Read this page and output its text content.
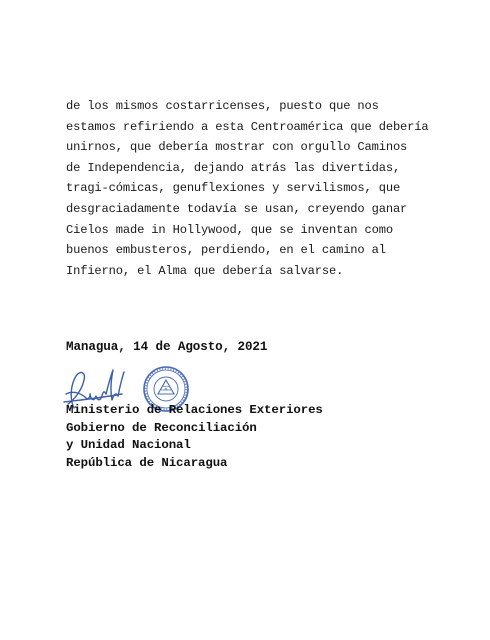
de los mismos costarricenses, puesto que nos

estamos refiriendo a esta Centroamérica que debería

unirnos, que debería mostrar con orgullo Caminos

de Independencia, dejando atrás las divertidas,

tragi-cómicas, genuflexiones y servilismos, que

desgraciadamente todavía se usan, creyendo ganar

Cielos made in Hollywood, que se inventan como

buenos embusteros, perdiendo, en el camino al

Infierno, el Alma que debería salvarse.

Managua, 14 de Agosto, 2021
Ministerio de Relaciones Exteriores
Gobierno de Reconciliación
y Unidad Nacional
República de Nicaragua
